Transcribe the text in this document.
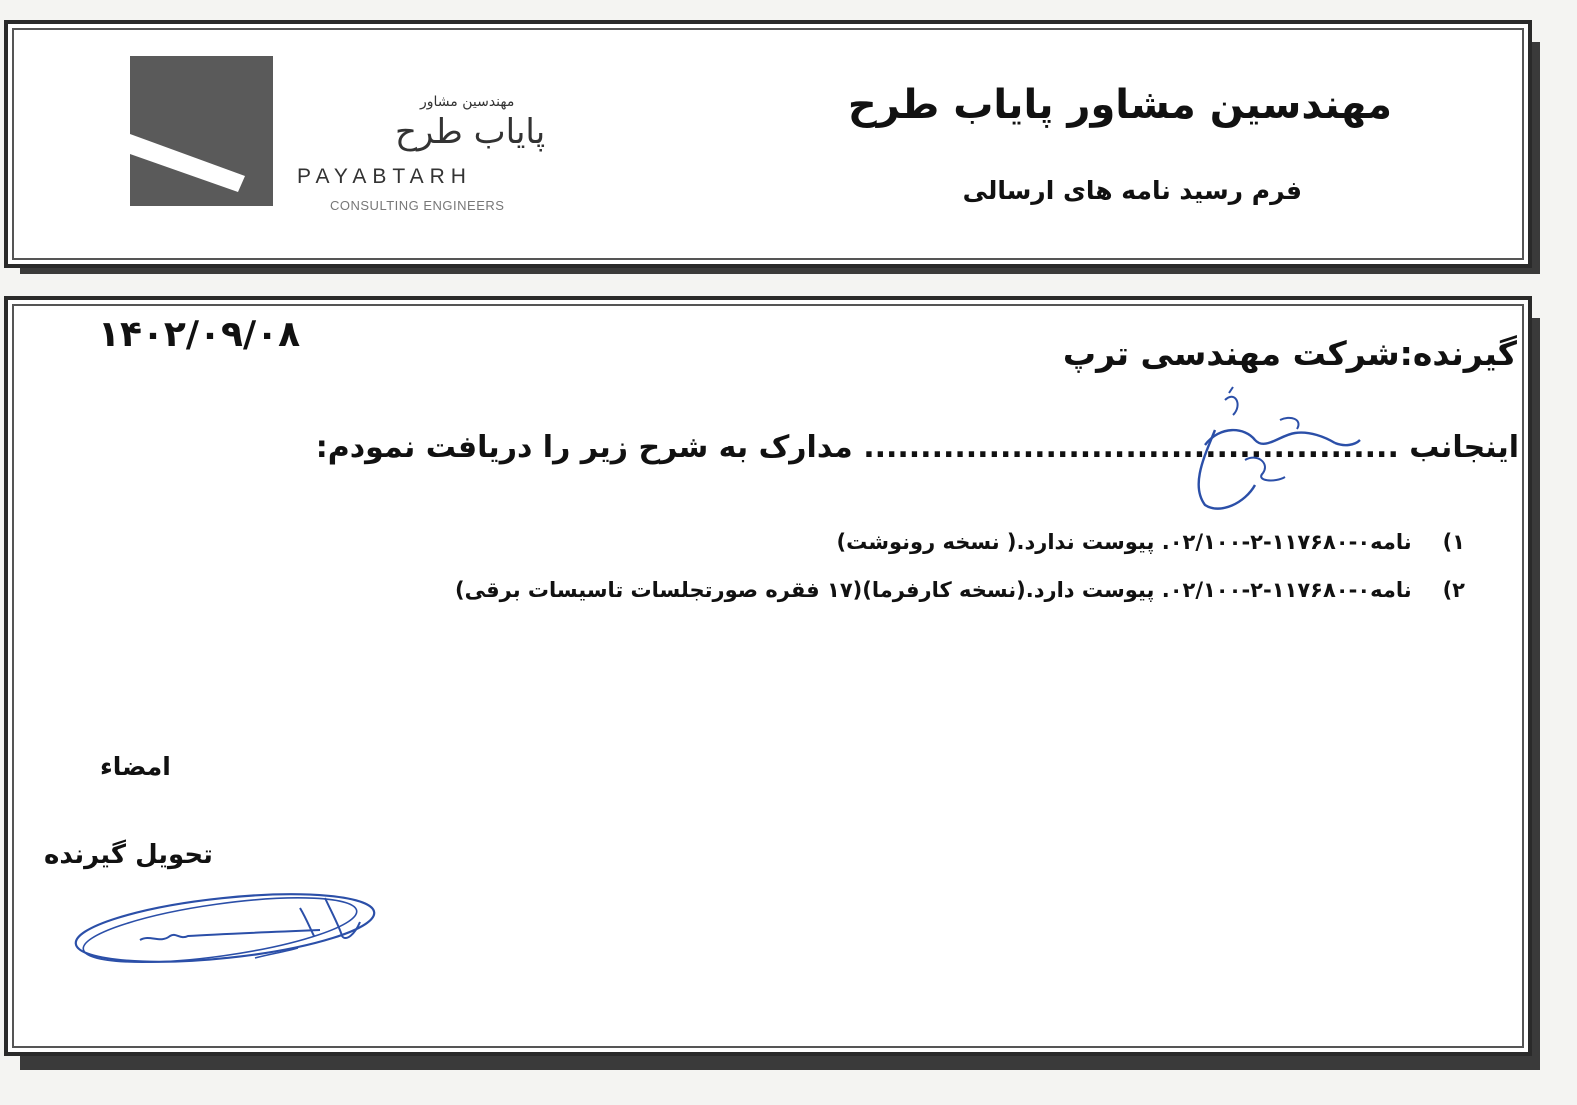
مهندسین مشاور
پایاب طرح
PAYABTARH
CONSULTING ENGINEERS
مهندسین مشاور پایاب طرح
فرم رسید نامه های ارسالی
۱۴۰۲/۰۹/۰۸	گیرنده:شرکت مهندسی ترپ
اینجانب ............................................... مدارک به شرح زیر را دریافت نمودم:
۱) نامه۰-۱۱۷۶۸۰-۲-۰۲/۱۰۰. پیوست ندارد.( نسخه رونوشت)
۲) نامه۰-۱۱۷۶۸۰-۲-۰۲/۱۰۰. پیوست دارد.(نسخه کارفرما)(۱۷ فقره صورتجلسات تاسیسات برقی)
امضاء
تحویل گیرنده
